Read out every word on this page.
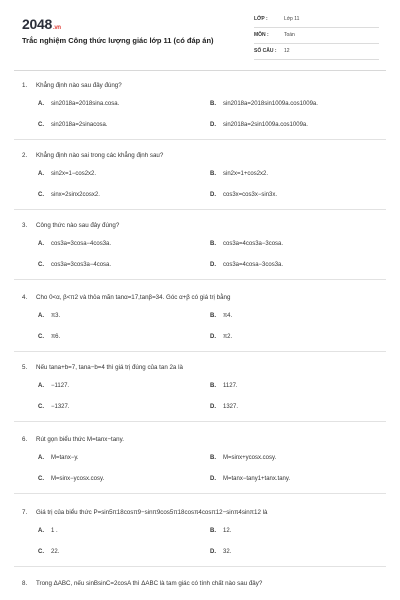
2048.vn
Trắc nghiệm Công thức lượng giác lớp 11 (có đáp án)
LỚP :	Lớp 11
MÔN :	Toán
SỐ CÂU : 12
1. Khẳng định nào sau đây đúng?
A. sin2018a=2018sina.cosa.	B. sin2018a=2018sin1009a.cos1009a.
C. sin2018a=2sinacosa.	D. sin2018a=2sin1009a.cos1009a.
2. Khẳng định nào sai trong các khẳng định sau?
A. sin2x=1−cos2x2.	B. sin2x=1+cos2x2.
C. sinx=2sinx2cosx2.	D. cos3x=cos3x−sin3x.
3. Công thức nào sau đây đúng?
A. cos3a=3cosa−4cos3a.	B. cos3a=4cos3a−3cosa.
C. cos3a=3cos3a−4cosa.	D. cos3a=4cosa−3cos3a.
4. Cho 0<α, β<π2 và thỏa mãn tanα=17,tanβ=34. Góc α+β có giá trị bằng
A. π3.	B. π4.
C. π6.	D. π2.
5. Nếu tana+b=7, tana−b=4 thì giá trị đúng của tan 2a là
A. −1127.	B. 1127.
C. −1327.	D. 1327.
6. Rút gọn biểu thức M=tanx−tany.
A. M=tanx−y.	B. M=sinx+ycosx.cosy.
C. M=sinx−ycosx.cosy.	D. M=tanx−tany1+tanx.tany.
7. Giá trị của biểu thức P=sin5π18cosπ9−sinπ9cos5π18cosπ4cosπ12−sinπ4sinπ12 là
A. 1 .	B. 12.
C. 22.	D. 32.
8. Trong ΔABC, nếu sinBsinC=2cosA thì ΔABC là tam giác có tính chất nào sau đây?
